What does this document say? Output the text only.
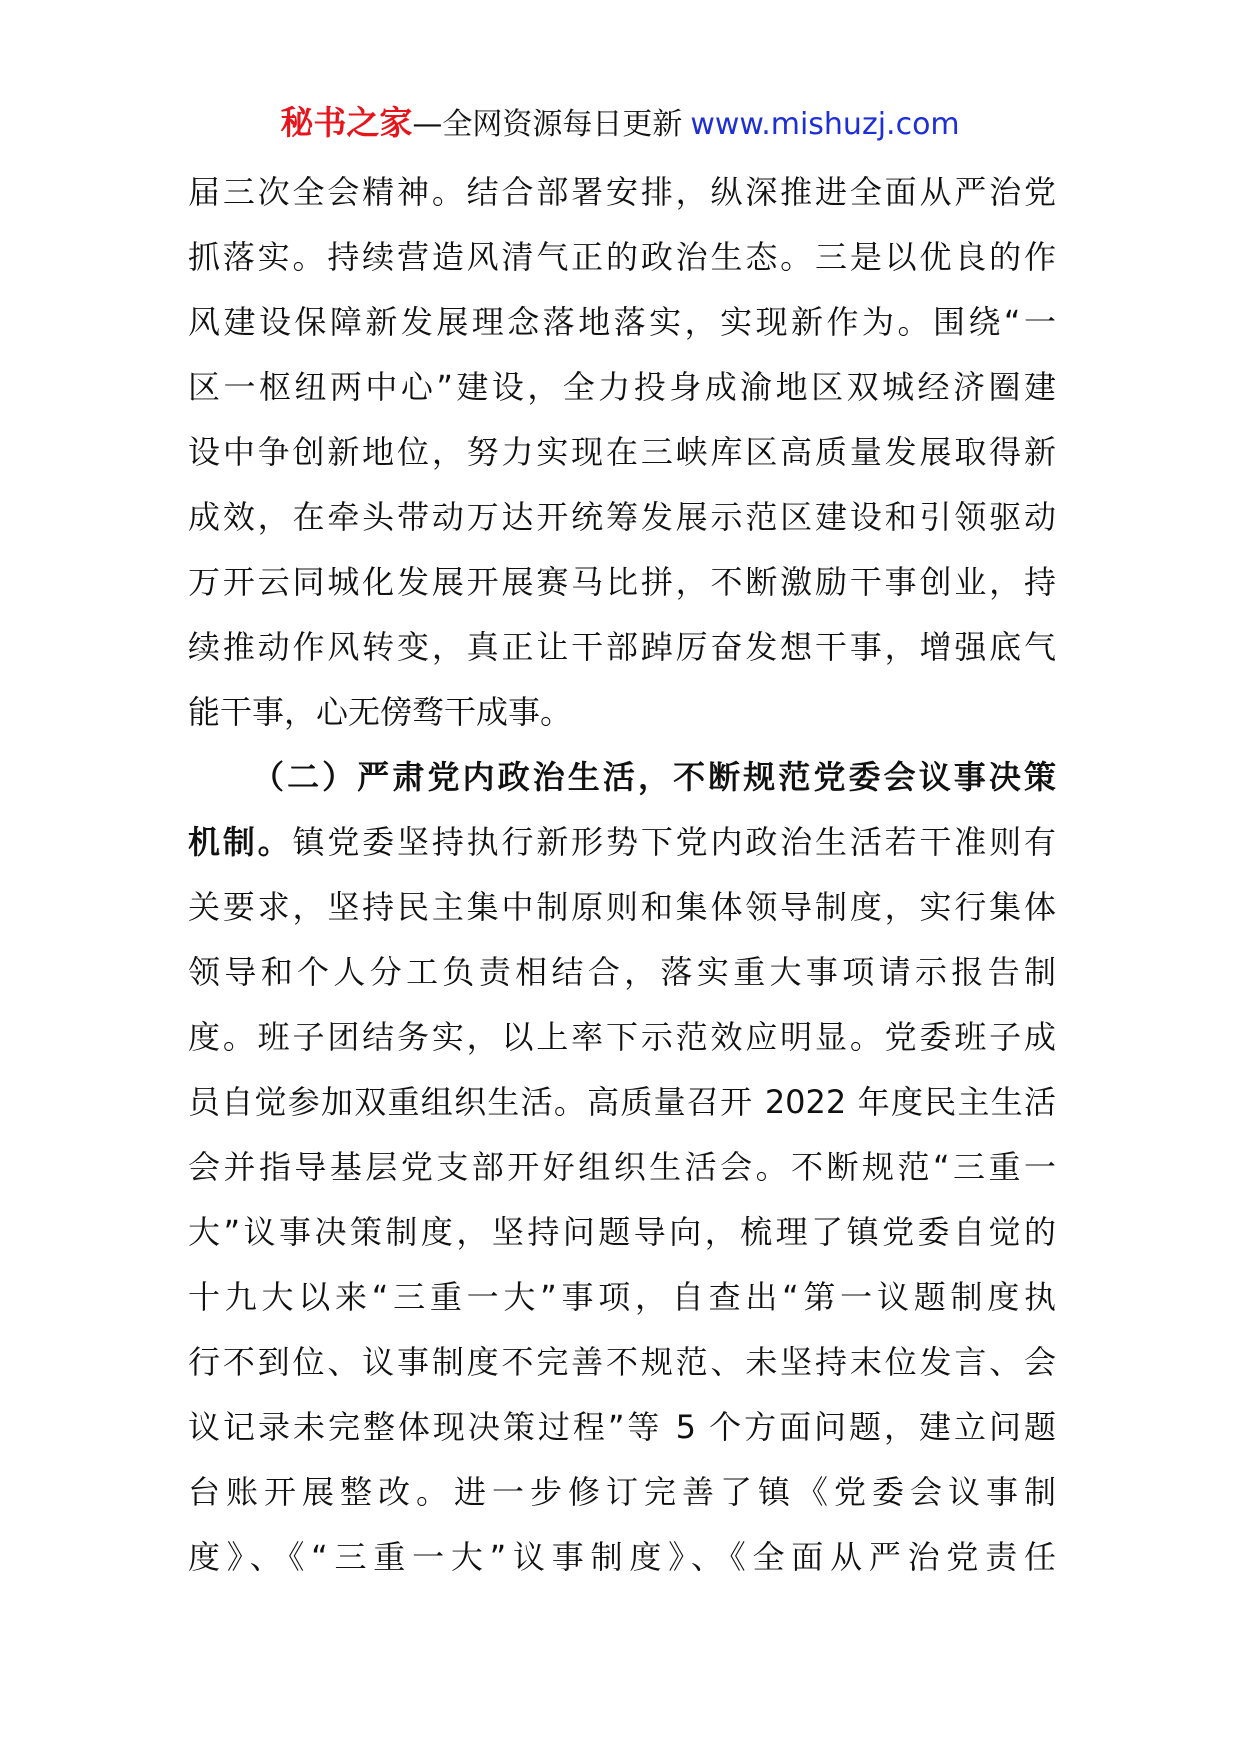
秘书之家—全网资源每日更新 www.mishuzj.com
届三次全会精神。结合部署安排，纵深推进全面从严治党
抓落实。持续营造风清气正的政治生态。三是以优良的作
风建设保障新发展理念落地落实，实现新作为。围绕“一
区一枢纽两中心”建设，全力投身成渝地区双城经济圈建
设中争创新地位，努力实现在三峡库区高质量发展取得新
成效，在牵头带动万达开统筹发展示范区建设和引领驱动
万开云同城化发展开展赛马比拼，不断激励干事创业，持
续推动作风转变，真正让干部踔厉奋发想干事，增强底气
能干事，心无傍骛干成事。
（二）严肃党内政治生活，不断规范党委会议事决策
机制。镇党委坚持执行新形势下党内政治生活若干准则有
关要求，坚持民主集中制原则和集体领导制度，实行集体
领导和个人分工负责相结合，落实重大事项请示报告制
度。班子团结务实，以上率下示范效应明显。党委班子成
员自觉参加双重组织生活。高质量召开 2022 年度民主生活
会并指导基层党支部开好组织生活会。不断规范“三重一
大”议事决策制度，坚持问题导向，梳理了镇党委自觉的
十九大以来“三重一大”事项，自查出“第一议题制度执
行不到位、议事制度不完善不规范、未坚持末位发言、会
议记录未完整体现决策过程”等 5 个方面问题，建立问题
台账开展整改。进一步修订完善了镇《党委会议事制
度》、《“三重一大”议事制度》、《全面从严治党责任
